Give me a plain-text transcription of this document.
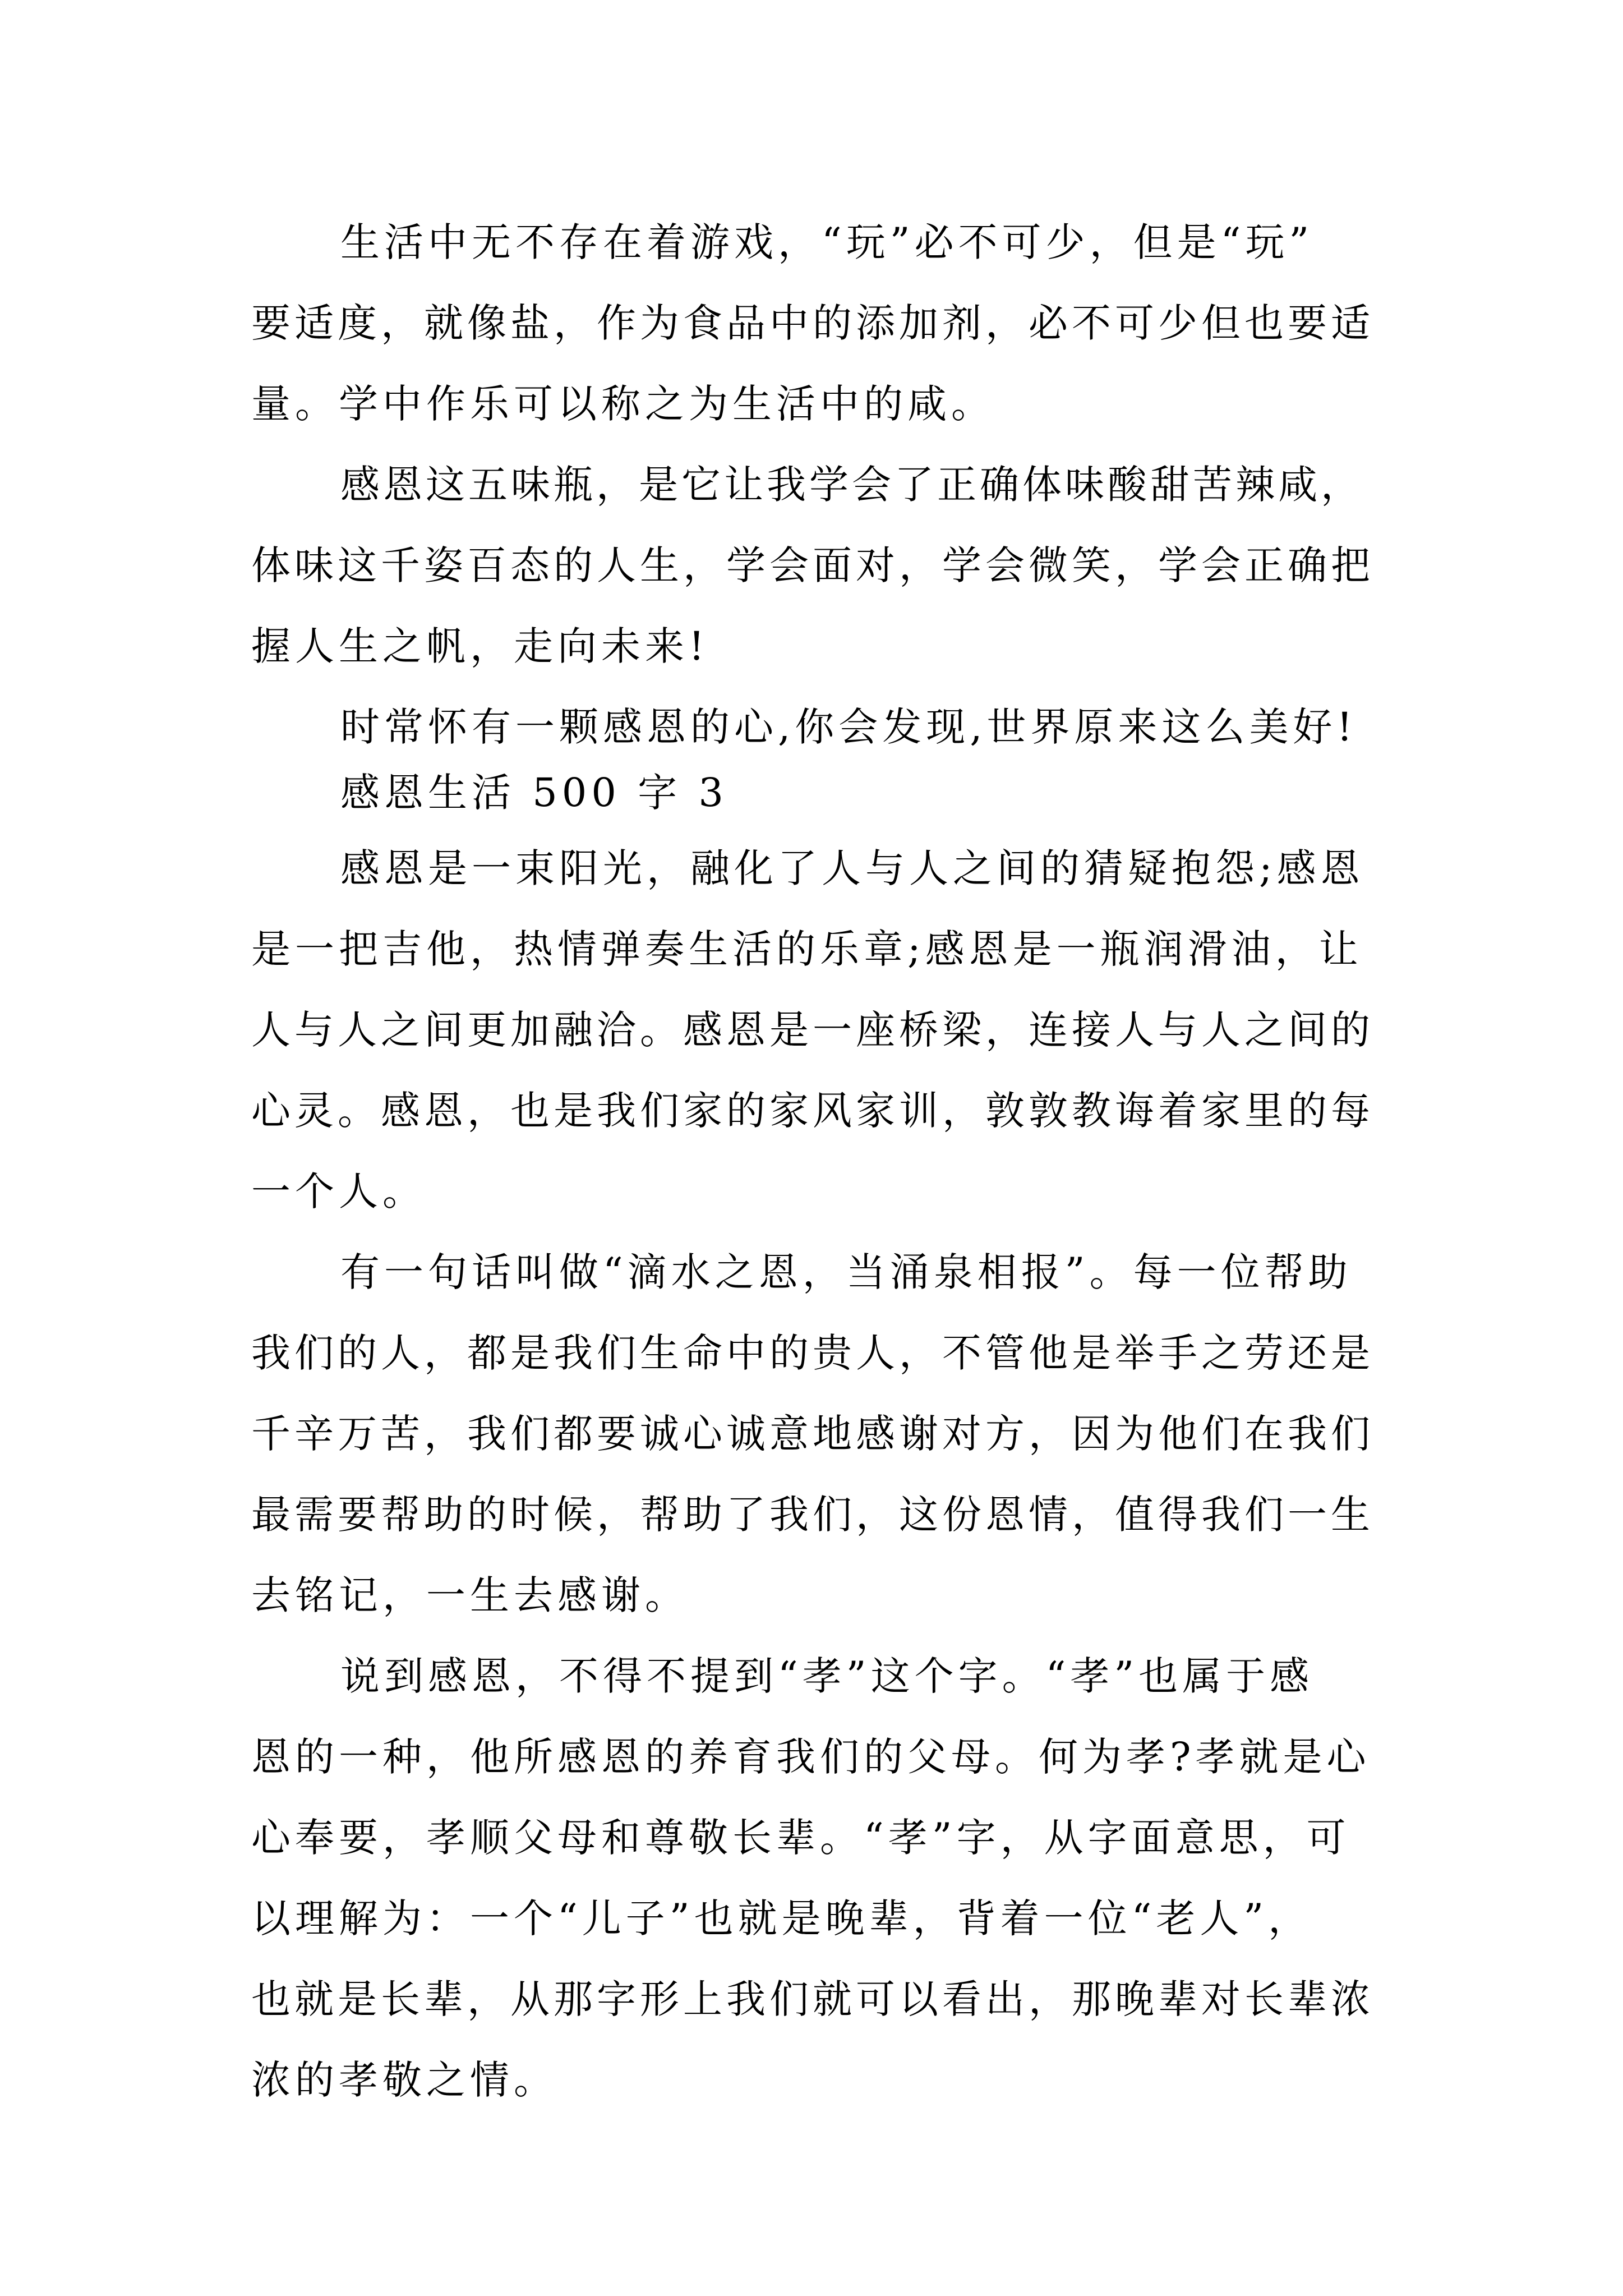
生活中无不存在着游戏，“玩”必不可少，但是“玩”
要适度，就像盐，作为食品中的添加剂，必不可少但也要适
量。学中作乐可以称之为生活中的咸。
感恩这五味瓶，是它让我学会了正确体味酸甜苦辣咸，
体味这千姿百态的人生，学会面对，学会微笑，学会正确把
握人生之帆，走向未来!
时常怀有一颗感恩的心,你会发现,世界原来这么美好!
感恩生活 500 字 3
感恩是一束阳光，融化了人与人之间的猜疑抱怨;感恩
是一把吉他，热情弹奏生活的乐章;感恩是一瓶润滑油，让
人与人之间更加融洽。感恩是一座桥梁，连接人与人之间的
心灵。感恩，也是我们家的家风家训，敦敦教诲着家里的每
一个人。
有一句话叫做“滴水之恩，当涌泉相报”。每一位帮助
我们的人，都是我们生命中的贵人，不管他是举手之劳还是
千辛万苦，我们都要诚心诚意地感谢对方，因为他们在我们
最需要帮助的时候，帮助了我们，这份恩情，值得我们一生
去铭记，一生去感谢。
说到感恩，不得不提到“孝”这个字。“孝”也属于感
恩的一种，他所感恩的养育我们的父母。何为孝?孝就是心
心奉要，孝顺父母和尊敬长辈。“孝”字，从字面意思，可
以理解为：一个“儿子”也就是晚辈，背着一位“老人”，
也就是长辈，从那字形上我们就可以看出，那晚辈对长辈浓
浓的孝敬之情。
